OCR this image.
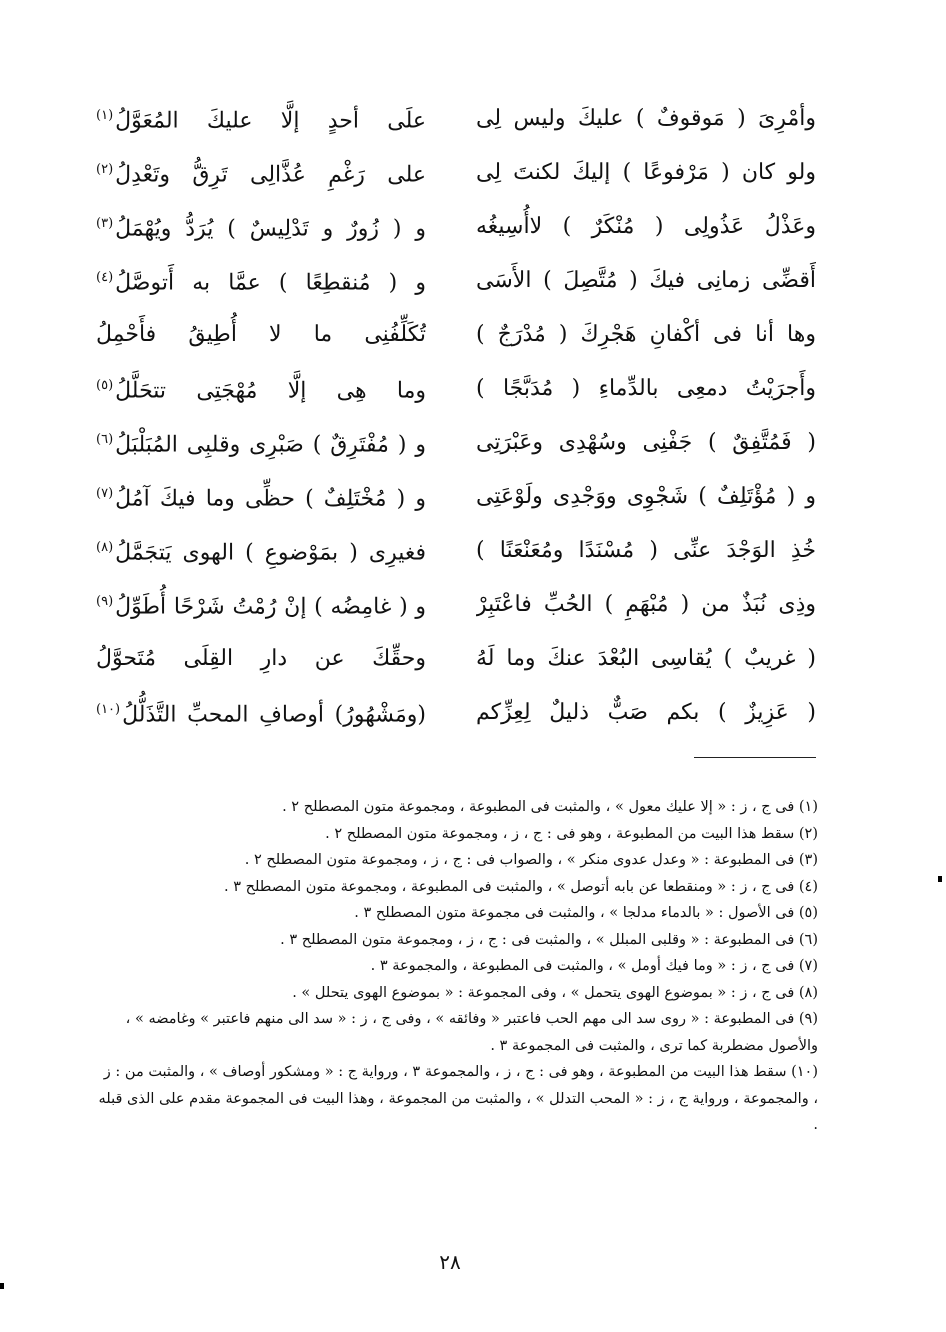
وأمْرِىَ ( مَوقوفٌ ) عليكَ وليس لِى
علَى أحدٍ إلَّا عليكَ المُعَوَّلُ$^{(١)}$
ولو كان ( مَرْفوعًا ) إليكَ لكنتَ لِى
على رَغْمِ عُذَّالِى تَرِقُّ وتَعْدِلُ$^{(٢)}$
وعَذْلُ عَذُولِى ( مُنْكَرٌ ) لاأُسِيغُه
و ( زُورٌ و تَدْلِيسٌ ) يُرَدُّ ويُهْمَلُ$^{(٣)}$
أَقضِّى زمانِى فيكَ ( مُتَّصِلَ ) الأَسَى
و ( مُنقطِعًا ) عمَّا به أَتوصَّلُ$^{(٤)}$
وها أنا فى أكْفانِ هَجْرِكَ ( مُدْرَجٌ )
تُكَلِّفُنِى ما لا أُطِيقُ فأَحْمِلُ
وأَجرَيْتُ دمعِى بالدِّماءِ ( مُدَبَّجًا )
وما هِى إلَّا مُهْجَتِى تتحَلَّلُ$^{(٥)}$
( فَمُتَّفِقٌ ) جَفْنِى وسُهْدِى وعَبْرَتِى
و ( مُفْتَرِقٌ ) صَبْرِى وقلبِى المُبَلْبَلُ$^{(٦)}$
و ( مُؤْتَلِفٌ ) شَجْوِى ووَجْدِى ولَوْعَتِى
و ( مُخْتَلِفٌ ) حظِّى وما فيكَ آمُلُ$^{(٧)}$
خُذِ الوَجْدَ عنِّى ( مُسْنَدًا ومُعَنْعَنًا )
فغيرِى ( بمَوْضوعِ ) الهوى يَتجَمَّلُ$^{(٨)}$
وذِى نُبَذٌ من ( مُبْهَمِ ) الحُبِّ فاعْتَبِرْ
و ( غامِضُه ) إنْ رُمْتُ شَرْحًا أُطَوِّلُ$^{(٩)}$
( غريبٌ ) يُقاسِى البُعْدَ عنكَ وما لَهُ
وحقِّكَ عن دارِ القِلَى مُتَحوَّلُ
( عَزِيزٌ ) بكم صَبٌّ ذليلٌ لِعِزِّكم
(ومَشْهُورُ) أوصافِ المحبِّ التَّذَلُّلُ$^{(١٠)}$

(١) فى ج ، ز : « إلا عليك معول » ، والمثبت فى المطبوعة ، ومجموعة متون المصطلح ٢ .

(٢) سقط هذا البيت من المطبوعة ، وهو فى : ج ، ز ، ومجموعة متون المصطلح ٢ .

(٣) فى المطبوعة : « وعدل عدوى منكر » ، والصواب فى : ج ، ز ، ومجموعة متون المصطلح ٢ .

(٤) فى ج ، ز : « ومنقطعا عن بابه أتوصل » ، والمثبت فى المطبوعة ، ومجموعة متون المصطلح ٣ .

(٥) فى الأصول : « بالدماء مدلجا » ، والمثبت فى مجموعة متون المصطلح ٣ .

(٦) فى المطبوعة : « وقلبى المبلل » ، والمثبت فى : ج ، ز ، ومجموعة متون المصطلح ٣ .

(٧) فى ج ، ز : « وما فيك أومل » ، والمثبت فى المطبوعة ، والمجموعة ٣ .

(٨) فى ج ، ز : « بموضوع الهوى يتحمل » ، وفى المجموعة : « بموضوع الهوى يتحلل » .

(٩) فى المطبوعة : « روى سد الى مهم الحب فاعتبر « وفائقه » ، وفى ج ، ز : « سد الى منهم فاعتبر » وغامضه » ، والأصول مضطربة كما ترى ، والمثبت فى المجموعة ٣ .

(١٠) سقط هذا البيت من المطبوعة ، وهو فى : ج ، ز ، والمجموعة ٣ ، ورواية ج : « ومشكور أوصاف » ، والمثبت من : ز ، والمجموعة ، ورواية ج ، ز : « المحب التدلل » ، والمثبت من المجموعة ، وهذا البيت فى المجموعة مقدم على الذى قبله .

٢٨
